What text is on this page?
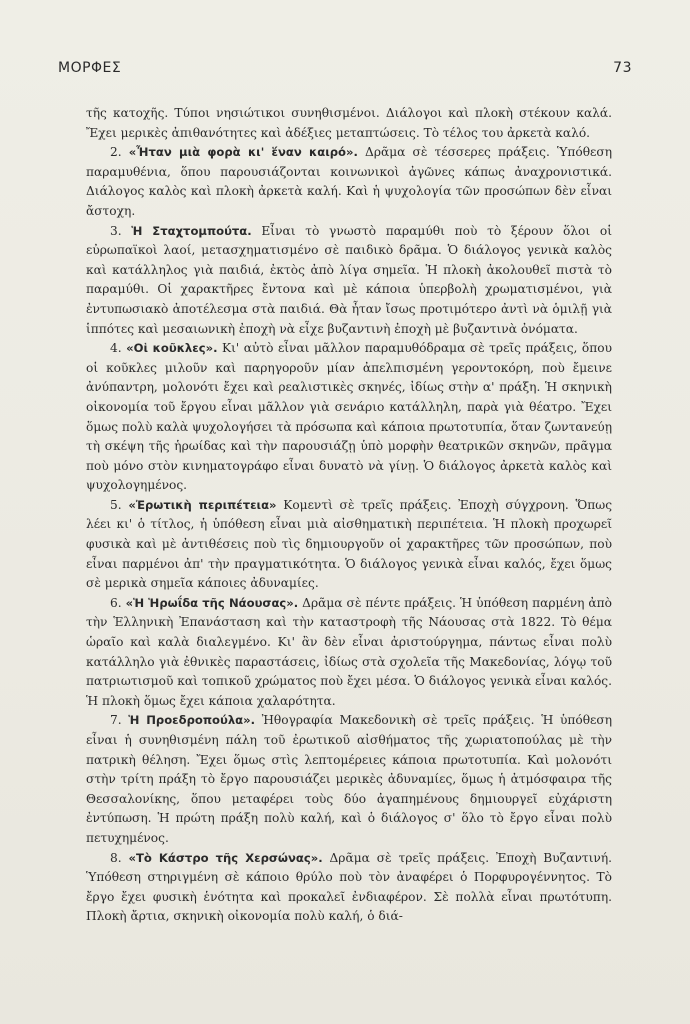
ΜΟΡΦΕΣ	73

τῆς κατοχῆς. Τύποι νησιώτικοι συνηθισμένοι. Διάλογοι καὶ πλοκὴ στέκουν καλά. Ἔχει μερικὲς ἀπιθανότητες καὶ ἀδέξιες μεταπτώσεις. Τὸ τέλος του ἀρκετὰ καλό.

2. «Ἦταν μιὰ φορὰ κι' ἕναν καιρό». Δρᾶμα σὲ τέσσερες πράξεις. Ὑπόθεση παραμυθένια, ὅπου παρουσιάζονται κοινωνικοὶ ἀγῶνες κάπως ἀναχρονιστικά. Διάλογος καλὸς καὶ πλοκὴ ἀρκετὰ καλή. Καὶ ἡ ψυχολογία τῶν προσώπων δὲν εἶναι ἄστοχη.

3. Ἡ Σταχτομπούτα. Εἶναι τὸ γνωστὸ παραμύθι ποὺ τὸ ξέρουν ὅλοι οἱ εὐρωπαϊκοὶ λαοί, μετασχηματισμένο σὲ παιδικὸ δρᾶμα. Ὁ διάλογος γενικὰ καλὸς καὶ κατάλληλος γιὰ παιδιά, ἐκτὸς ἀπὸ λίγα σημεῖα. Ἡ πλοκὴ ἀκολουθεῖ πιστὰ τὸ παραμύθι. Οἱ χαρακτῆρες ἔντονα καὶ μὲ κάποια ὑπερβολὴ χρωματισμένοι, γιὰ ἐντυπωσιακὸ ἀποτέλεσμα στὰ παιδιά. Θὰ ἦταν ἴσως προτιμότερο ἀντὶ νὰ ὁμιλῇ γιὰ ἱππότες καὶ μεσαιωνικὴ ἐποχὴ νὰ εἶχε βυζαντινὴ ἐποχὴ μὲ βυζαντινὰ ὀνόματα.

4. «Οἱ κοῦκλες». Κι' αὐτὸ εἶναι μᾶλλον παραμυθόδραμα σὲ τρεῖς πράξεις, ὅπου οἱ κοῦκλες μιλοῦν καὶ παρηγοροῦν μίαν ἀπελπισμένη γεροντοκόρη, ποὺ ἔμεινε ἀνύπαντρη, μολονότι ἔχει καὶ ρεαλιστικὲς σκηνές, ἰδίως στὴν α' πράξη. Ἡ σκηνικὴ οἰκονομία τοῦ ἔργου εἶναι μᾶλλον γιὰ σενάριο κατάλληλη, παρὰ γιὰ θέατρο. Ἔχει ὅμως πολὺ καλὰ ψυχολογήσει τὰ πρόσωπα καὶ κάποια πρωτοτυπία, ὅταν ζωντανεύῃ τὴ σκέψη τῆς ἡρωίδας καὶ τὴν παρουσιάζῃ ὑπὸ μορφὴν θεατρικῶν σκηνῶν, πρᾶγμα ποὺ μόνο στὸν κινηματογράφο εἶναι δυνατὸ νὰ γίνῃ. Ὁ διάλογος ἀρκετὰ καλὸς καὶ ψυχολογημένος.

5. «Ἐρωτικὴ περιπέτεια» Κομεντὶ σὲ τρεῖς πράξεις. Ἐποχὴ σύγχρονη. Ὅπως λέει κι' ὁ τίτλος, ἡ ὑπόθεση εἶναι μιὰ αἰσθηματικὴ περιπέτεια. Ἡ πλοκὴ προχωρεῖ φυσικὰ καὶ μὲ ἀντιθέσεις ποὺ τὶς δημιουργοῦν οἱ χαρακτῆρες τῶν προσώπων, ποὺ εἶναι παρμένοι ἀπ' τὴν πραγματικότητα. Ὁ διάλογος γενικὰ εἶναι καλός, ἔχει ὅμως σὲ μερικὰ σημεῖα κάποιες ἀδυναμίες.

6. «Ἡ Ἡρωΐδα τῆς Νάουσας». Δρᾶμα σὲ πέντε πράξεις. Ἡ ὑπόθεση παρμένη ἀπὸ τὴν Ἑλληνικὴ Ἐπανάσταση καὶ τὴν καταστροφὴ τῆς Νάουσας στὰ 1822. Τὸ θέμα ὡραῖο καὶ καλὰ διαλεγμένο. Κι' ἂν δὲν εἶναι ἀριστούργημα, πάντως εἶναι πολὺ κατάλληλο γιὰ ἐθνικὲς παραστάσεις, ἰδίως στὰ σχολεῖα τῆς Μακεδονίας, λόγῳ τοῦ πατριωτισμοῦ καὶ τοπικοῦ χρώματος ποὺ ἔχει μέσα. Ὁ διάλογος γενικὰ εἶναι καλός. Ἡ πλοκὴ ὅμως ἔχει κάποια χαλαρότητα.

7. Ἡ Προεδροπούλα». Ἠθογραφία Μακεδονικὴ σὲ τρεῖς πράξεις. Ἡ ὑπόθεση εἶναι ἡ συνηθισμένη πάλη τοῦ ἐρωτικοῦ αἰσθήματος τῆς χωριατοπούλας μὲ τὴν πατρικὴ θέληση. Ἔχει ὅμως στὶς λεπτομέρειες κάποια πρωτοτυπία. Καὶ μολονότι στὴν τρίτη πράξη τὸ ἔργο παρουσιάζει μερικὲς ἀδυναμίες, ὅμως ἡ ἀτμόσφαιρα τῆς Θεσσαλονίκης, ὅπου μεταφέρει τοὺς δύο ἀγαπημένους δημιουργεῖ εὐχάριστη ἐντύπωση. Ἡ πρώτη πράξη πολὺ καλή, καὶ ὁ διάλογος σ' ὅλο τὸ ἔργο εἶναι πολὺ πετυχημένος.

8. «Τὸ Κάστρο τῆς Χερσώνας». Δρᾶμα σὲ τρεῖς πράξεις. Ἐποχὴ Βυζαντινή. Ὑπόθεση στηριγμένη σὲ κάποιο θρύλο ποὺ τὸν ἀναφέρει ὁ Πορφυρογέννητος. Τὸ ἔργο ἔχει φυσικὴ ἑνότητα καὶ προκαλεῖ ἐνδιαφέρον. Σὲ πολλὰ εἶναι πρωτότυπη. Πλοκὴ ἄρτια, σκηνικὴ οἰκονομία πολὺ καλή, ὁ διά-
